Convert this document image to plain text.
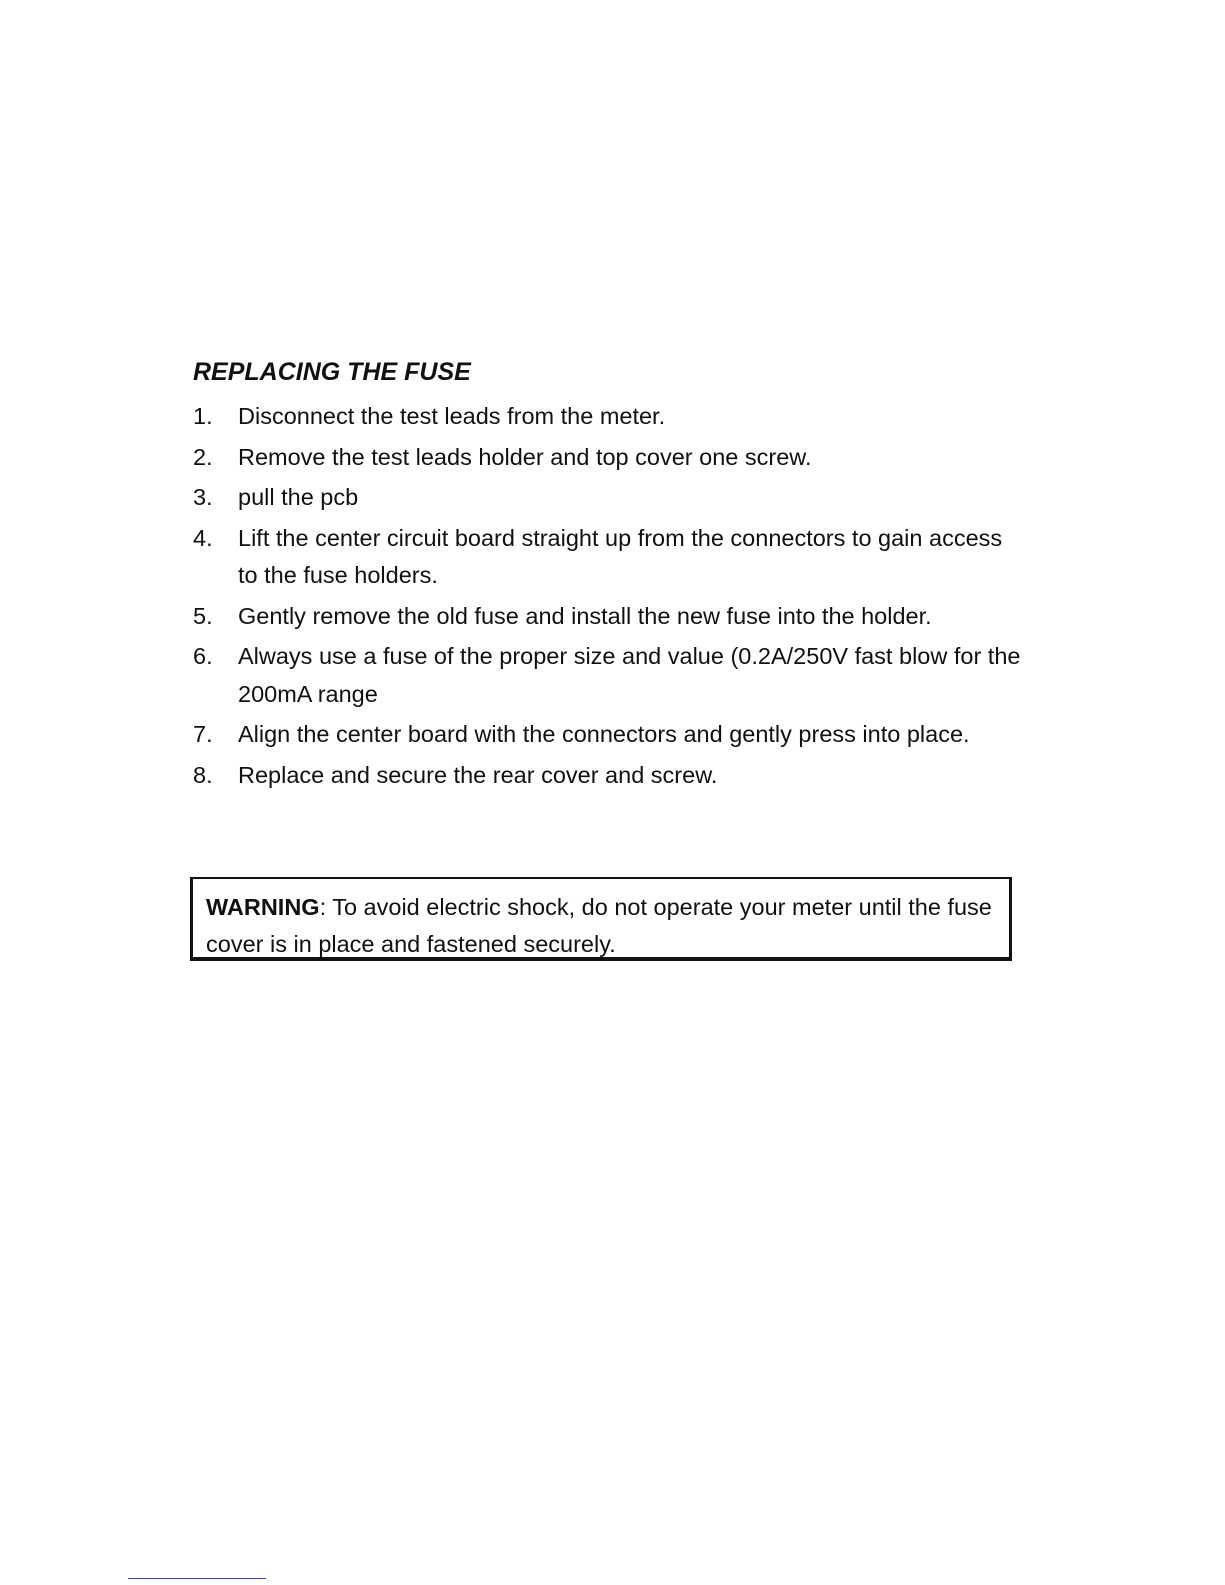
REPLACING THE FUSE
1. Disconnect the test leads from the meter.
2. Remove the test leads holder and top cover one screw.
3. pull the pcb
4. Lift the center circuit board straight up from the connectors to gain access to the fuse holders.
5. Gently remove the old fuse and install the new fuse into the holder.
6. Always use a fuse of the proper size and value (0.2A/250V fast blow for the 200mA range
7. Align the center board with the connectors and gently press into place.
8. Replace and secure the rear cover and screw.
WARNING: To avoid electric shock, do not operate your meter until the fuse cover is in place and fastened securely.
